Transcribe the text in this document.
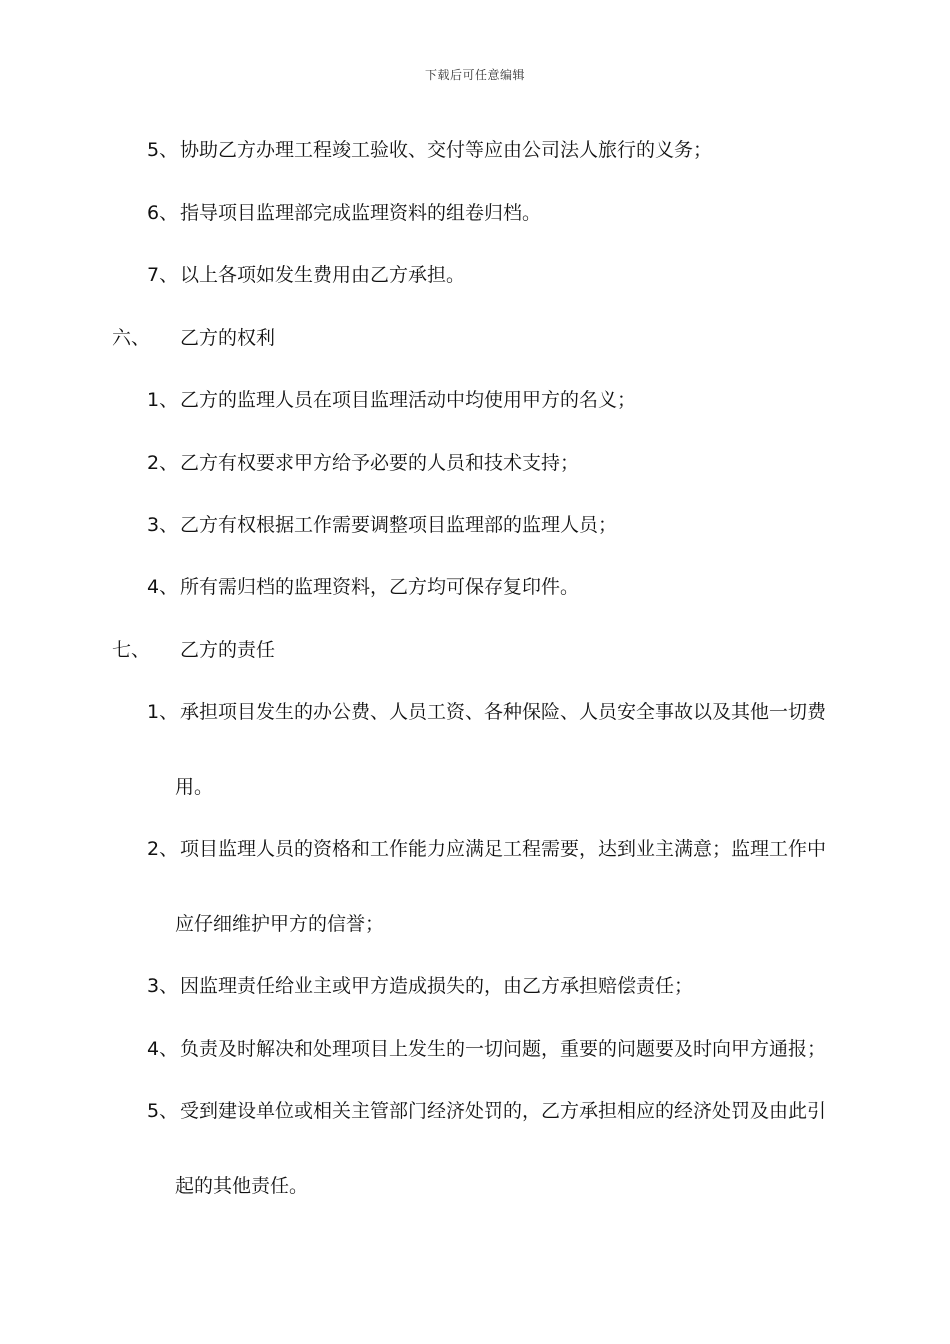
下载后可任意编辑
5、 协助乙方办理工程竣工验收、交付等应由公司法人旅行的义务；
6、 指导项目监理部完成监理资料的组卷归档。
7、 以上各项如发生费用由乙方承担。
六、 乙方的权利
1、 乙方的监理人员在项目监理活动中均使用甲方的名义；
2、 乙方有权要求甲方给予必要的人员和技术支持；
3、 乙方有权根据工作需要调整项目监理部的监理人员；
4、 所有需归档的监理资料，乙方均可保存复印件。
七、 乙方的责任
1、 承担项目发生的办公费、人员工资、各种保险、人员安全事故以及其他一切费
用。
2、 项目监理人员的资格和工作能力应满足工程需要，达到业主满意；监理工作中
应仔细维护甲方的信誉；
3、 因监理责任给业主或甲方造成损失的，由乙方承担赔偿责任；
4、 负责及时解决和处理项目上发生的一切问题，重要的问题要及时向甲方通报；
5、 受到建设单位或相关主管部门经济处罚的，乙方承担相应的经济处罚及由此引
起的其他责任。
